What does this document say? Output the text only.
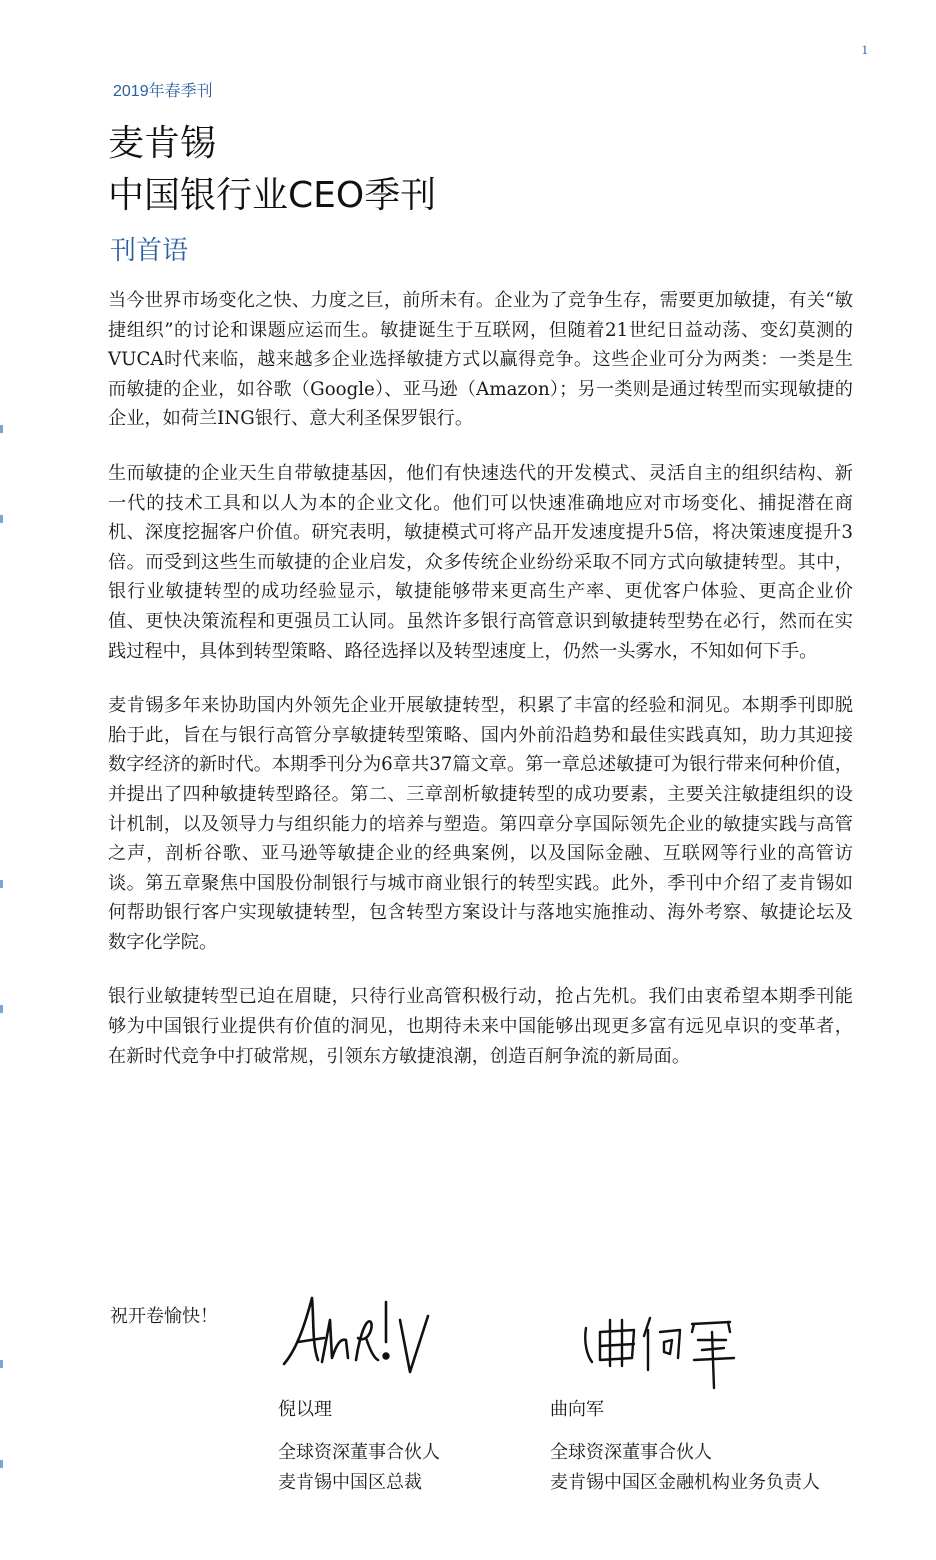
1
2019年春季刊
麦肯锡
中国银行业CEO季刊
刊首语

当今世界市场变化之快、力度之巨，前所未有。企业为了竞争生存，需要更加敏捷，有关“敏捷组织”的讨论和课题应运而生。敏捷诞生于互联网，但随着21世纪日益动荡、变幻莫测的VUCA时代来临，越来越多企业选择敏捷方式以赢得竞争。这些企业可分为两类：一类是生而敏捷的企业，如谷歌（Google）、亚马逊（Amazon）；另一类则是通过转型而实现敏捷的企业，如荷兰ING银行、意大利圣保罗银行。

生而敏捷的企业天生自带敏捷基因，他们有快速迭代的开发模式、灵活自主的组织结构、新一代的技术工具和以人为本的企业文化。他们可以快速准确地应对市场变化、捕捉潜在商机、深度挖掘客户价值。研究表明，敏捷模式可将产品开发速度提升5倍，将决策速度提升3倍。而受到这些生而敏捷的企业启发，众多传统企业纷纷采取不同方式向敏捷转型。其中，银行业敏捷转型的成功经验显示，敏捷能够带来更高生产率、更优客户体验、更高企业价值、更快决策流程和更强员工认同。虽然许多银行高管意识到敏捷转型势在必行，然而在实践过程中，具体到转型策略、路径选择以及转型速度上，仍然一头雾水，不知如何下手。

麦肯锡多年来协助国内外领先企业开展敏捷转型，积累了丰富的经验和洞见。本期季刊即脱胎于此，旨在与银行高管分享敏捷转型策略、国内外前沿趋势和最佳实践真知，助力其迎接数字经济的新时代。本期季刊分为6章共37篇文章。第一章总述敏捷可为银行带来何种价值，并提出了四种敏捷转型路径。第二、三章剖析敏捷转型的成功要素，主要关注敏捷组织的设计机制，以及领导力与组织能力的培养与塑造。第四章分享国际领先企业的敏捷实践与高管之声，剖析谷歌、亚马逊等敏捷企业的经典案例，以及国际金融、互联网等行业的高管访谈。第五章聚焦中国股份制银行与城市商业银行的转型实践。此外，季刊中介绍了麦肯锡如何帮助银行客户实现敏捷转型，包含转型方案设计与落地实施推动、海外考察、敏捷论坛及数字化学院。

银行业敏捷转型已迫在眉睫，只待行业高管积极行动，抢占先机。我们由衷希望本期季刊能够为中国银行业提供有价值的洞见，也期待未来中国能够出现更多富有远见卓识的变革者，在新时代竞争中打破常规，引领东方敏捷浪潮，创造百舸争流的新局面。

祝开卷愉快！
倪以理
全球资深董事合伙人
麦肯锡中国区总裁
曲向军
全球资深董事合伙人
麦肯锡中国区金融机构业务负责人
